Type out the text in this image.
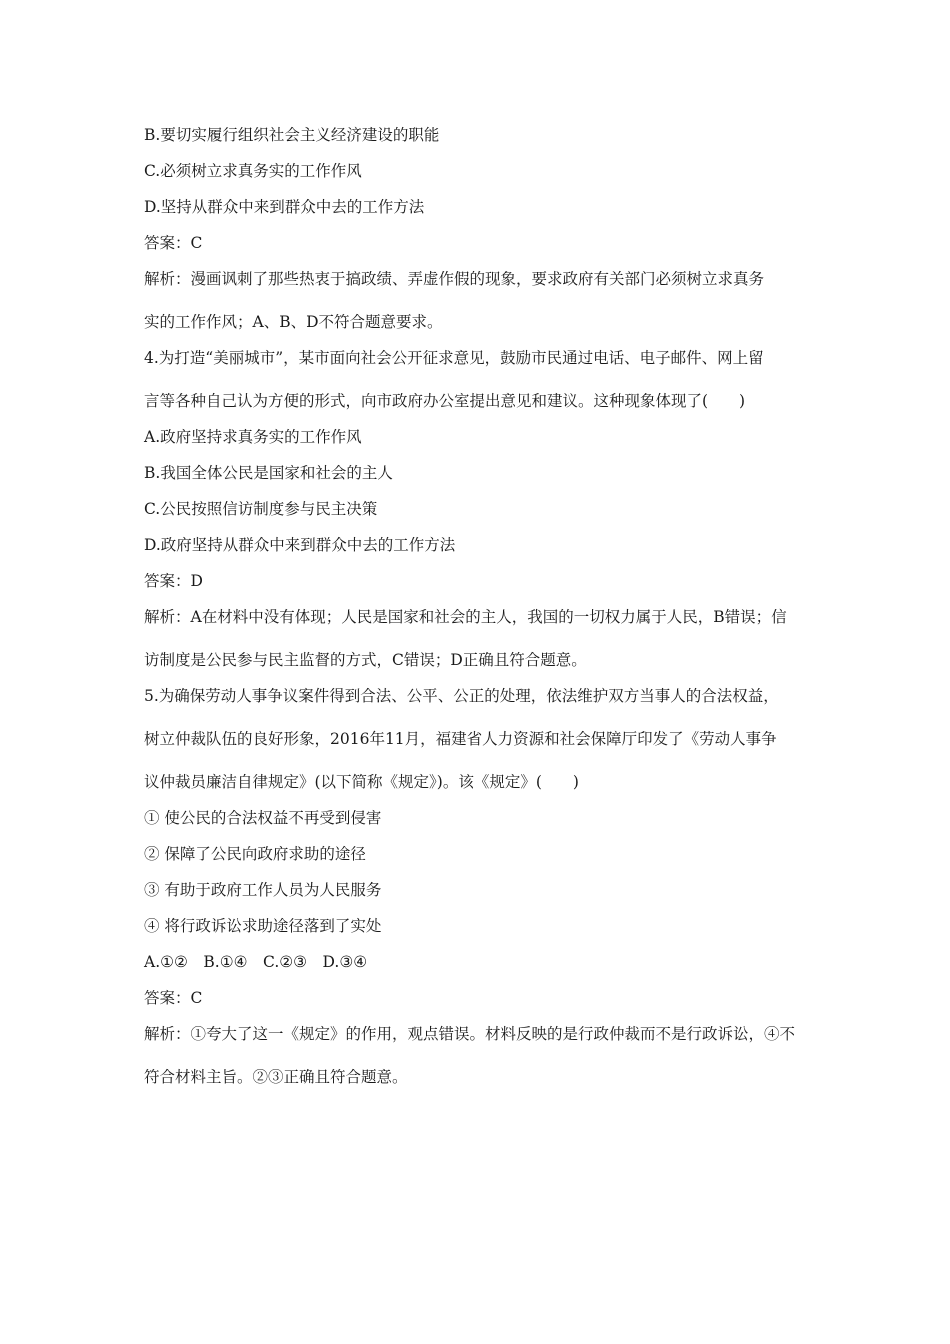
B.要切实履行组织社会主义经济建设的职能

C.必须树立求真务实的工作作风

D.坚持从群众中来到群众中去的工作方法

答案：C

解析：漫画讽刺了那些热衷于搞政绩、弄虚作假的现象，要求政府有关部门必须树立求真务

实的工作作风；A、B、D不符合题意要求。

4.为打造“美丽城市”，某市面向社会公开征求意见，鼓励市民通过电话、电子邮件、网上留

言等各种自己认为方便的形式，向市政府办公室提出意见和建议。这种现象体现了(　　)

A.政府坚持求真务实的工作作风

B.我国全体公民是国家和社会的主人

C.公民按照信访制度参与民主决策

D.政府坚持从群众中来到群众中去的工作方法

答案：D

解析：A在材料中没有体现；人民是国家和社会的主人，我国的一切权力属于人民，B错误；信

访制度是公民参与民主监督的方式，C错误；D正确且符合题意。

5.为确保劳动人事争议案件得到合法、公平、公正的处理，依法维护双方当事人的合法权益，

树立仲裁队伍的良好形象，2016年11月，福建省人力资源和社会保障厅印发了《劳动人事争

议仲裁员廉洁自律规定》(以下简称《规定》)。该《规定》(　　)

① 使公民的合法权益不再受到侵害

② 保障了公民向政府求助的途径

③ 有助于政府工作人员为人民服务

④ 将行政诉讼求助途径落到了实处

A.①②　B.①④　C.②③　D.③④

答案：C

解析：①夸大了这一《规定》的作用，观点错误。材料反映的是行政仲裁而不是行政诉讼，④不

符合材料主旨。②③正确且符合题意。
